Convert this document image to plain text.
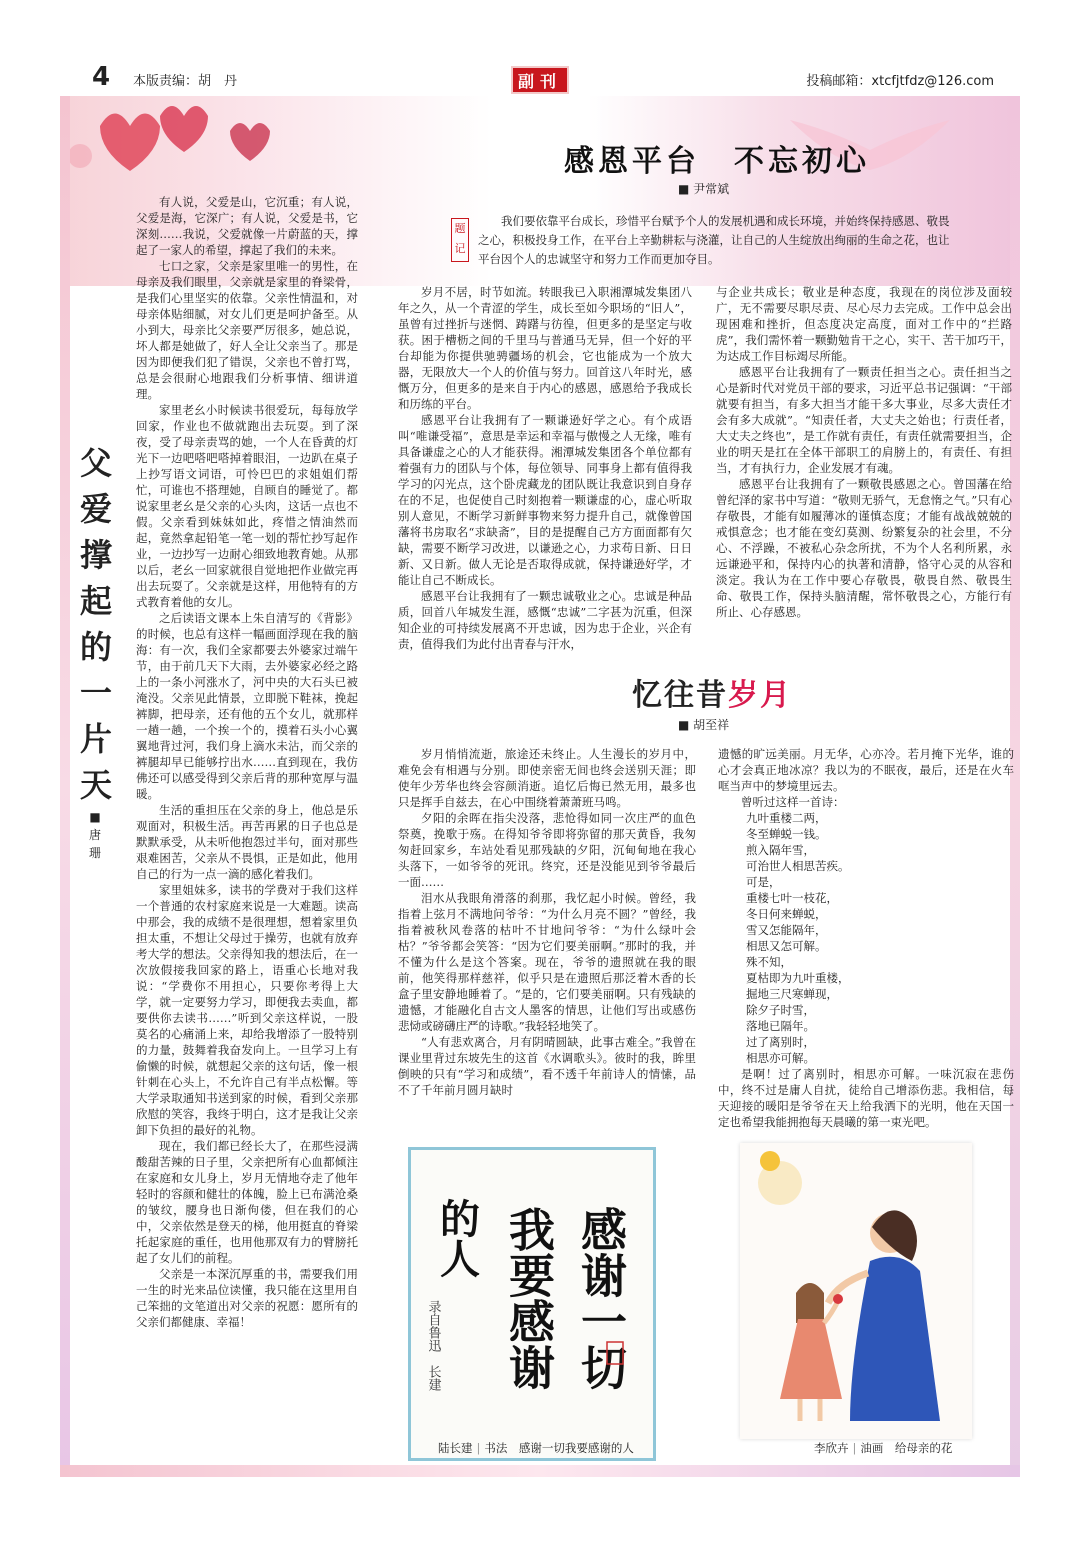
4 本版责编：胡　丹	副刊	投稿邮箱：xtcfjtfdz@126.com
感恩平台　不忘初心
■ 尹常斌
题记
我们要依靠平台成长，珍惜平台赋予个人的发展机遇和成长环境，并始终保持感恩、敬畏之心，积极投身工作，在平台上辛勤耕耘与浇灌，让自己的人生绽放出绚丽的生命之花，也让平台因个人的忠诚坚守和努力工作而更加夺目。

岁月不居，时节如流。转眼我已入职湘潭城发集团八年之久，从一个青涩的学生，成长至如今职场的“旧人”，虽曾有过挫折与迷惘、踌躇与彷徨，但更多的是坚定与收获。困于槽枥之间的千里马与普通马无异，但一个好的平台却能为你提供驰骋疆场的机会，它也能成为一个放大器，无限放大一个人的价值与努力。回首这八年时光，感慨万分，但更多的是来自于内心的感恩，感恩给予我成长和历练的平台。

感恩平台让我拥有了一颗谦逊好学之心。有个成语叫“唯谦受福”，意思是幸运和幸福与傲慢之人无缘，唯有具备谦虚之心的人才能获得。湘潭城发集团各个单位都有着强有力的团队与个体，每位领导、同事身上都有值得我学习的闪光点，这个卧虎藏龙的团队既让我意识到自身存在的不足，也促使自己时刻抱着一颗谦虚的心，虚心听取别人意见，不断学习新鲜事物来努力提升自己，就像曾国藩将书房取名“求缺斋”，目的是提醒自己方方面面都有欠缺，需要不断学习改进，以谦逊之心，力求苟日新、日日新、又日新。做人无论是否取得成就，保持谦逊好学，才能让自己不断成长。

感恩平台让我拥有了一颗忠诚敬业之心。忠诚是种品质，回首八年城发生涯，感慨“忠诚”二字甚为沉重，但深知企业的可持续发展离不开忠诚，因为忠于企业，兴企有责，值得我们为此付出青春与汗水，

与企业共成长；敬业是种态度，我现在的岗位涉及面较广，无不需要尽职尽责、尽心尽力去完成。工作中总会出现困难和挫折，但态度决定高度，面对工作中的“拦路虎”，我们需怀着一颗勤勉肯干之心，实干、苦干加巧干，为达成工作目标竭尽所能。

感恩平台让我拥有了一颗责任担当之心。责任担当之心是新时代对党员干部的要求，习近平总书记强调：“干部就要有担当，有多大担当才能干多大事业，尽多大责任才会有多大成就”。“知责任者，大丈夫之始也；行责任者，大丈夫之终也”，是工作就有责任，有责任就需要担当，企业的明天是扛在全体干部职工的肩膀上的，有责任、有担当，才有执行力，企业发展才有魂。

感恩平台让我拥有了一颗敬畏感恩之心。曾国藩在给曾纪泽的家书中写道：“敬则无骄气，无怠惰之气。”只有心存敬畏，才能有如履薄冰的谨慎态度；才能有战战兢兢的戒惧意念；也才能在变幻莫测、纷繁复杂的社会里，不分心、不浮躁，不被私心杂念所扰，不为个人名利所累，永远谦逊平和，保持内心的执著和清静，恪守心灵的从容和淡定。我认为在工作中要心存敬畏，敬畏自然、敬畏生命、敬畏工作，保持头脑清醒，常怀敬畏之心，方能行有所止、心存感恩。

父爱撑起的一片天
■ 唐珊

有人说，父爱是山，它沉重；有人说，父爱是海，它深广；有人说，父爱是书，它深刻……我说，父爱就像一片蔚蓝的天，撑起了一家人的希望，撑起了我们的未来。

七口之家，父亲是家里唯一的男性，在母亲及我们眼里，父亲就是家里的脊梁骨，是我们心里坚实的依靠。父亲性情温和，对母亲体贴细腻，对女儿们更是呵护备至。从小到大，母亲比父亲要严厉很多，她总说，坏人都是她做了，好人全让父亲当了。那是因为即便我们犯了错误，父亲也不曾打骂，总是会很耐心地跟我们分析事情、细讲道理。

家里老幺小时候读书很爱玩，每每放学回家，作业也不做就跑出去玩耍。到了深夜，受了母亲责骂的她，一个人在昏黄的灯光下一边吧嗒吧嗒掉着眼泪，一边趴在桌子上抄写语文词语，可怜巴巴的求姐姐们帮忙，可谁也不搭理她，自顾自的睡觉了。都说家里老幺是父亲的心头肉，这话一点也不假。父亲看到妹妹如此，疼惜之情油然而起，竟然拿起铅笔一笔一划的帮忙抄写起作业，一边抄写一边耐心细致地教育她。从那以后，老幺一回家就很自觉地把作业做完再出去玩耍了。父亲就是这样，用他特有的方式教育着他的女儿。

之后读语文课本上朱自清写的《背影》的时候，也总有这样一幅画面浮现在我的脑海：有一次，我们全家都要去外婆家过端午节，由于前几天下大雨，去外婆家必经之路上的一条小河涨水了，河中央的大石头已被淹没。父亲见此情景，立即脱下鞋袜，挽起裤脚，把母亲，还有他的五个女儿，就那样一趟一趟，一个挨一个的，摸着石头小心翼翼地背过河，我们身上滴水未沾，而父亲的裤腿却早已能够拧出水……直到现在，我仿佛还可以感受得到父亲后背的那种宽厚与温暖。

生活的重担压在父亲的身上，他总是乐观面对，积极生活。再苦再累的日子也总是默默承受，从未听他抱怨过半句，面对那些艰难困苦，父亲从不畏惧，正是如此，他用自己的行为一点一滴的感化着我们。

家里姐妹多，读书的学费对于我们这样一个普通的农村家庭来说是一大难题。读高中那会，我的成绩不是很理想，想着家里负担太重，不想让父母过于操劳，也就有放弃考大学的想法。父亲得知我的想法后，在一次放假接我回家的路上，语重心长地对我说：“学费你不用担心，只要你考得上大学，就一定要努力学习，即便我去卖血，都要供你去读书……”听到父亲这样说，一股莫名的心痛涌上来，却给我增添了一股特别的力量，鼓舞着我奋发向上。一旦学习上有偷懒的时候，就想起父亲的这句话，像一根针刺在心头上，不允许自己有半点松懈。等大学录取通知书送到家的时候，看到父亲那欣慰的笑容，我终于明白，这才是我让父亲卸下负担的最好的礼物。

现在，我们都已经长大了，在那些浸满酸甜苦辣的日子里，父亲把所有心血都倾注在家庭和女儿身上，岁月无情地夺走了他年轻时的容颜和健壮的体魄，脸上已布满沧桑的皱纹，腰身也日渐佝偻，但在我们的心中，父亲依然是登天的梯，他用挺直的脊梁托起家庭的重任，也用他那双有力的臂膀托起了女儿们的前程。

父亲是一本深沉厚重的书，需要我们用一生的时光来品位读懂，我只能在这里用自己笨拙的文笔道出对父亲的祝愿：愿所有的父亲们都健康、幸福！

忆往昔岁月
■ 胡至祥

岁月悄悄流逝，旅途还未终止。人生漫长的岁月中，难免会有相遇与分别。即使亲密无间也终会送别天涯；即使年少芳华也终会容颜消逝。追忆后悔已然无用，最多也只是挥手自兹去，在心中围绕着萧萧班马鸣。

夕阳的余晖在指尖没落，悲怆得如同一次庄严的血色祭奠，挽歌于殇。在得知爷爷即将弥留的那天黄昏，我匆匆赶回家乡，车站处看见那残缺的夕阳，沉甸甸地在我心头落下，一如爷爷的死讯。终究，还是没能见到爷爷最后一面……

泪水从我眼角滑落的刹那，我忆起小时候。曾经，我指着上弦月不满地问爷爷：“为什么月亮不圆？”曾经，我指着被秋风卷落的枯叶不甘地问爷爷：“为什么绿叶会枯？”爷爷都会笑答：“因为它们要美丽啊。”那时的我，并不懂为什么是这个答案。现在，爷爷的遗照就在我的眼前，他笑得那样慈祥，似乎只是在遗照后那泛着木香的长盒子里安静地睡着了。“是的，它们要美丽啊。只有残缺的遗憾，才能融化自古文人墨客的情思，让他们写出或感伤悲恸或磅礴庄严的诗歌。”我轻轻地笑了。

“人有悲欢离合，月有阴晴圆缺，此事古难全。”我曾在课业里背过东坡先生的这首《水调歌头》。彼时的我，眸里倒映的只有“学习和成绩”，看不透千年前诗人的情愫，品不了千年前月圆月缺时

遗憾的旷远美丽。月无华，心亦冷。若月掩下光华，谁的心才会真正地冰凉？我以为的不眠夜，最后，还是在火车哐当声中的梦境里远去。

曾听过这样一首诗：

九叶重楼二两，

冬至蝉蜕一钱。

煎入隔年雪，

可治世人相思苦疾。

可是，

重楼七叶一枝花，

冬日何来蝉蜕，

雪又怎能隔年，

相思又怎可解。

殊不知，

夏枯即为九叶重楼，

掘地三尺寒蝉现，

除夕子时雪，

落地已隔年。

过了离别时，

相思亦可解。

是啊！过了离别时，相思亦可解。一味沉寂在悲伤中，终不过是庸人自扰，徒给自己增添伤悲。我相信，每天迎接的暖阳是爷爷在天上给我洒下的光明，他在天国一定也希望我能拥抱每天晨曦的第一束光吧。

感谢一切
我要感谢
的人
录自鲁迅　长建
陆长建 | 书法　 感谢一切我要感谢的人	李欣卉 | 油画　 给母亲的花
